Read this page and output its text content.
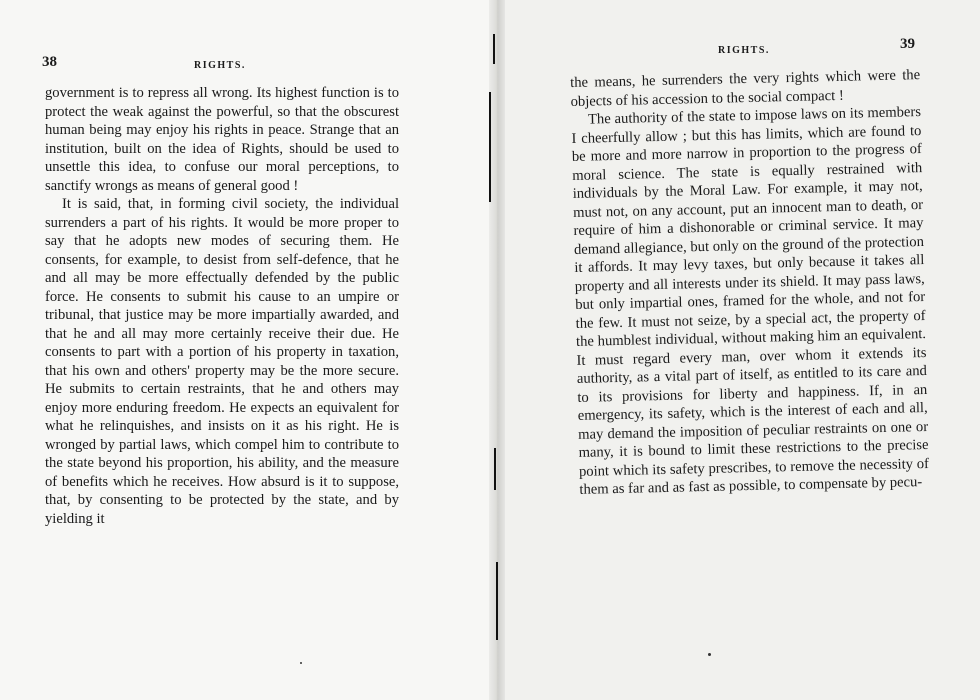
38	RIGHTS.

government is to repress all wrong. Its highest function is to protect the weak against the powerful, so that the obscurest human being may enjoy his rights in peace. Strange that an institution, built on the idea of Rights, should be used to unsettle this idea, to confuse our moral perceptions, to sanctify wrongs as means of general good !

It is said, that, in forming civil society, the individual surrenders a part of his rights. It would be more proper to say that he adopts new modes of securing them. He consents, for example, to desist from self-defence, that he and all may be more effectually defended by the public force. He consents to submit his cause to an umpire or tribunal, that justice may be more impartially awarded, and that he and all may more certainly receive their due. He consents to part with a portion of his property in taxation, that his own and others' property may be the more secure. He submits to certain restraints, that he and others may enjoy more enduring freedom. He expects an equivalent for what he relinquishes, and insists on it as his right. He is wronged by partial laws, which compel him to contribute to the state beyond his proportion, his ability, and the measure of benefits which he receives. How absurd is it to suppose, that, by consenting to be protected by the state, and by yielding it

RIGHTS.	39

the means, he surrenders the very rights which were the objects of his accession to the social compact !

The authority of the state to impose laws on its members I cheerfully allow ; but this has limits, which are found to be more and more narrow in proportion to the progress of moral science. The state is equally restrained with individuals by the Moral Law. For example, it may not, must not, on any account, put an innocent man to death, or require of him a dishonorable or criminal service. It may demand allegiance, but only on the ground of the protection it affords. It may levy taxes, but only because it takes all property and all interests under its shield. It may pass laws, but only impartial ones, framed for the whole, and not for the few. It must not seize, by a special act, the property of the humblest individual, without making him an equivalent. It must regard every man, over whom it extends its authority, as a vital part of itself, as entitled to its care and to its provisions for liberty and happiness. If, in an emergency, its safety, which is the interest of each and all, may demand the imposition of peculiar restraints on one or many, it is bound to limit these restrictions to the precise point which its safety prescribes, to remove the necessity of them as far and as fast as possible, to compensate by pecu-
